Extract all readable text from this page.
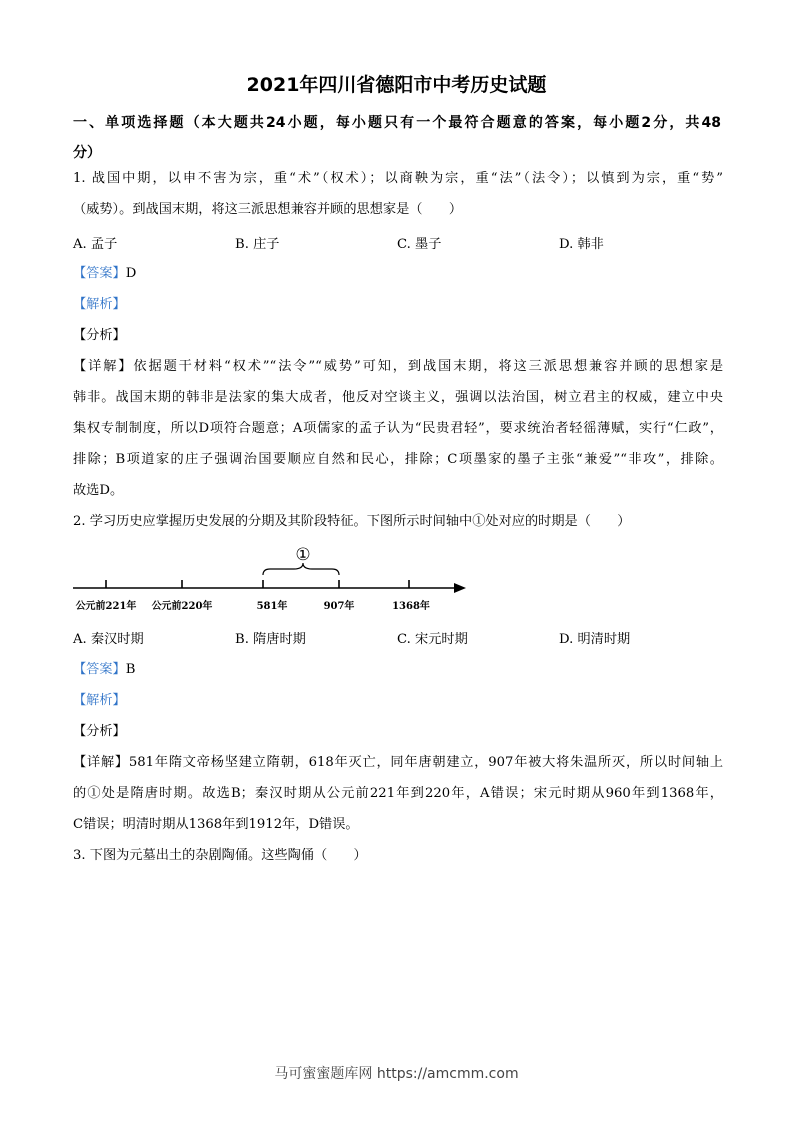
2021年四川省德阳市中考历史试题
一、单项选择题（本大题共24小题，每小题只有一个最符合题意的答案，每小题2分，共48
分）
1. 战国中期，以申不害为宗，重“术”（权术）；以商鞅为宗，重“法”（法令）；以慎到为宗，重“势”
（威势）。到战国末期，将这三派思想兼容并顾的思想家是（　　）
A. 孟子	B. 庄子	C. 墨子	D. 韩非
【答案】D
【解析】
【分析】
【详解】依据题干材料“权术”“法令”“威势”可知，到战国末期，将这三派思想兼容并顾的思想家是
韩非。战国末期的韩非是法家的集大成者，他反对空谈主义，强调以法治国，树立君主的权威，建立中央
集权专制制度，所以D项符合题意；A项儒家的孟子认为“民贵君轻”，要求统治者轻徭薄赋，实行“仁政”，
排除；B项道家的庄子强调治国要顺应自然和民心，排除；C项墨家的墨子主张“兼爱”“非攻”，排除。
故选D。
2. 学习历史应掌握历史发展的分期及其阶段特征。下图所示时间轴中①处对应的时期是（　　）
①
公元前221年 公元前220年	581年	907年	1368年
A. 秦汉时期	B. 隋唐时期	C. 宋元时期	D. 明清时期
【答案】B
【解析】
【分析】
【详解】581年隋文帝杨坚建立隋朝，618年灭亡，同年唐朝建立，907年被大将朱温所灭，所以时间轴上
的①处是隋唐时期。故选B；秦汉时期从公元前221年到220年，A错误；宋元时期从960年到1368年，
C错误；明清时期从1368年到1912年，D错误。
3. 下图为元墓出土的杂剧陶俑。这些陶俑（　　）
马可蜜蜜题库网 https://amcmm.com
